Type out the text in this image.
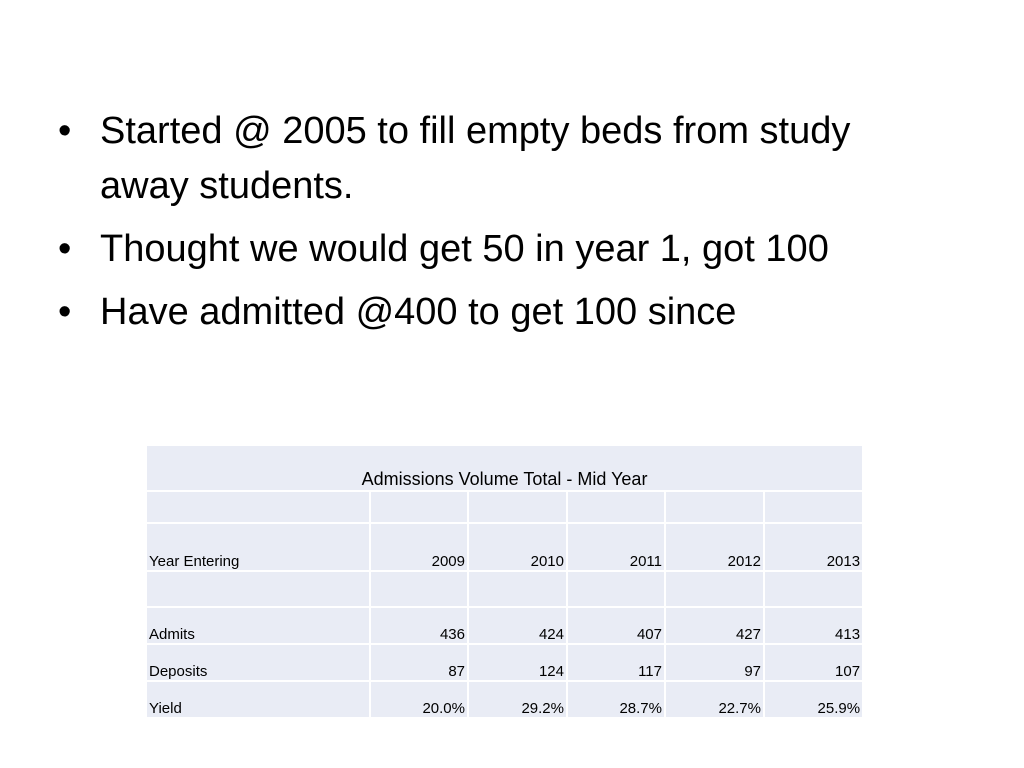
• Started @ 2005 to fill empty beds from study away students.
• Thought we would get 50 in year 1, got 100
• Have admitted @400 to get 100 since
Admissions Volume Total - Mid Year					

Year Entering	2009	2010	2011	2012	2013

Admits	436	424	407	427	413
Deposits	87	124	117	97	107
Yield	20.0%	29.2%	28.7%	22.7%	25.9%
